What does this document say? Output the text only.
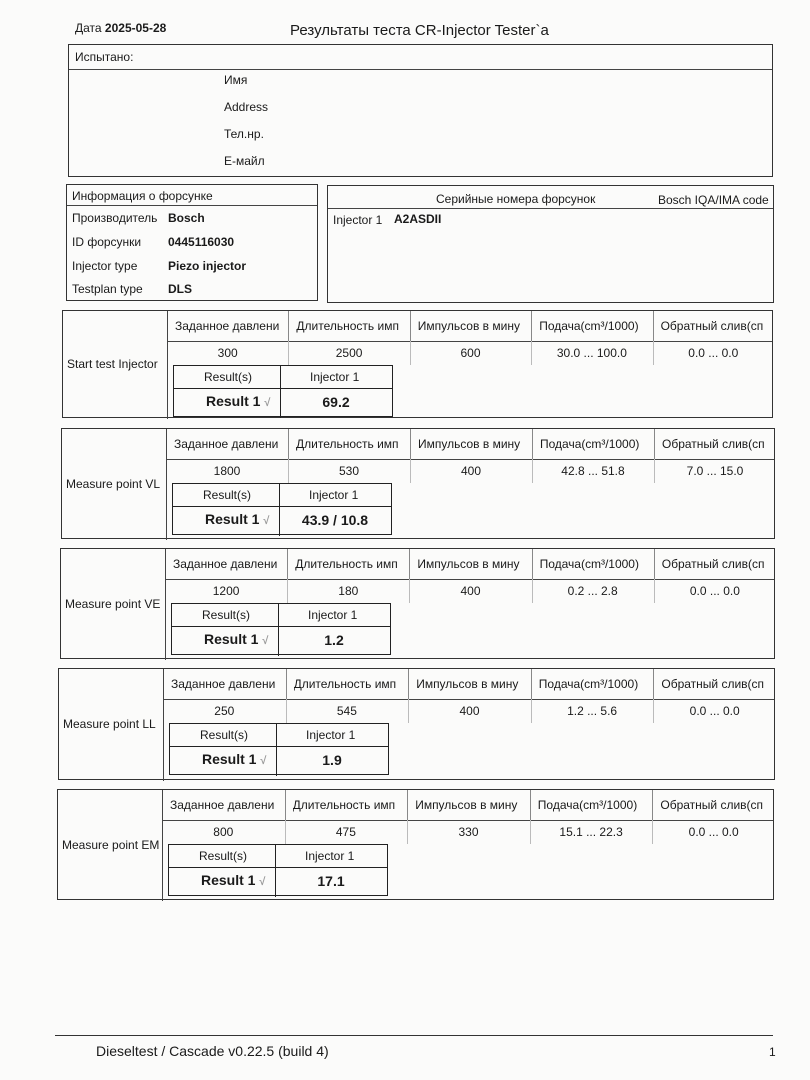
Дата 2025-05-28	Результаты теста CR-Injector Tester`a
Испытано:
Имя
Address
Тел.нр.
E-майл
Информация о форсунке
Производитель Bosch
ID форсунки 0445116030
Injector type	Piezo injector
Testplan type DLS
Серийные номера форсунок	Bosch IQA/IMA code
Injector 1 A2ASDII
Start test Injector
Заданное давлени	Длительность имп	Импульсов в мину	Подача(cm³/1000)	Обратный слив(cп
300	2500	600	30.0 ... 100.0	0.0 ... 0.0
Result(s)	Injector 1
Result 1 √	69.2
Measure point VL
Заданное давлени	Длительность имп	Импульсов в мину	Подача(cm³/1000)	Обратный слив(cп
1800	530	400	42.8 ... 51.8	7.0 ... 15.0
Result(s)	Injector 1
Result 1 √	43.9 / 10.8
Measure point VE
Заданное давлени	Длительность имп	Импульсов в мину	Подача(cm³/1000)	Обратный слив(cп
1200	180	400	0.2 ... 2.8	0.0 ... 0.0
Result(s)	Injector 1
Result 1 √	1.2
Measure point LL
Заданное давлени	Длительность имп	Импульсов в мину	Подача(cm³/1000)	Обратный слив(cп
250	545	400	1.2 ... 5.6	0.0 ... 0.0
Result(s)	Injector 1
Result 1 √	1.9
Measure point EM
Заданное давлени	Длительность имп	Импульсов в мину	Подача(cm³/1000)	Обратный слив(cп
800	475	330	15.1 ... 22.3	0.0 ... 0.0
Result(s)	Injector 1
Result 1 √	17.1
Dieseltest / Cascade v0.22.5 (build 4)	1
